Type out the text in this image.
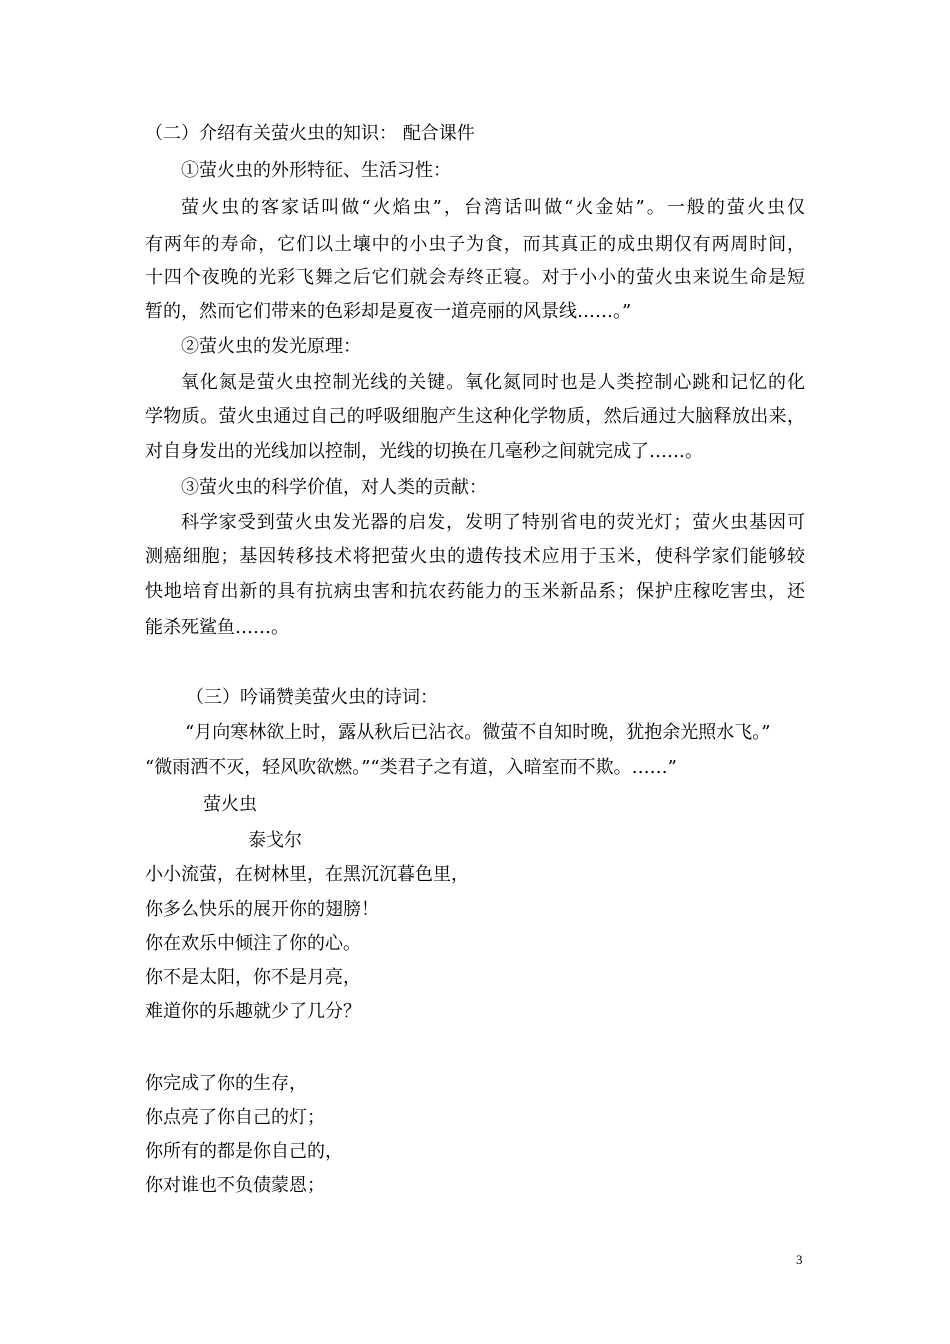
（二）介绍有关萤火虫的知识： 配合课件
①萤火虫的外形特征、生活习性：
萤火虫的客家话叫做“火焰虫”，台湾话叫做“火金姑”。一般的萤火虫仅
有两年的寿命，它们以土壤中的小虫子为食，而其真正的成虫期仅有两周时间，
十四个夜晚的光彩飞舞之后它们就会寿终正寝。对于小小的萤火虫来说生命是短
暂的，然而它们带来的色彩却是夏夜一道亮丽的风景线……。”
②萤火虫的发光原理：
氧化氮是萤火虫控制光线的关键。氧化氮同时也是人类控制心跳和记忆的化
学物质。萤火虫通过自己的呼吸细胞产生这种化学物质，然后通过大脑释放出来，
对自身发出的光线加以控制，光线的切换在几毫秒之间就完成了……。
③萤火虫的科学价值，对人类的贡献：
科学家受到萤火虫发光器的启发，发明了特别省电的荧光灯；萤火虫基因可
测癌细胞；基因转移技术将把萤火虫的遗传技术应用于玉米，使科学家们能够较
快地培育出新的具有抗病虫害和抗农药能力的玉米新品系；保护庄稼吃害虫，还
能杀死鲨鱼……。
（三）吟诵赞美萤火虫的诗词：
“月向寒林欲上时，露从秋后已沾衣。微萤不自知时晚，犹抱余光照水飞。”
“微雨洒不灭，轻风吹欲燃。”“类君子之有道，入暗室而不欺。……”
萤火虫
泰戈尔
小小流萤，在树林里，在黑沉沉暮色里，
你多么快乐的展开你的翅膀！
你在欢乐中倾注了你的心。
你不是太阳，你不是月亮，
难道你的乐趣就少了几分？
你完成了你的生存，
你点亮了你自己的灯；
你所有的都是你自己的，
你对谁也不负债蒙恩；
3
